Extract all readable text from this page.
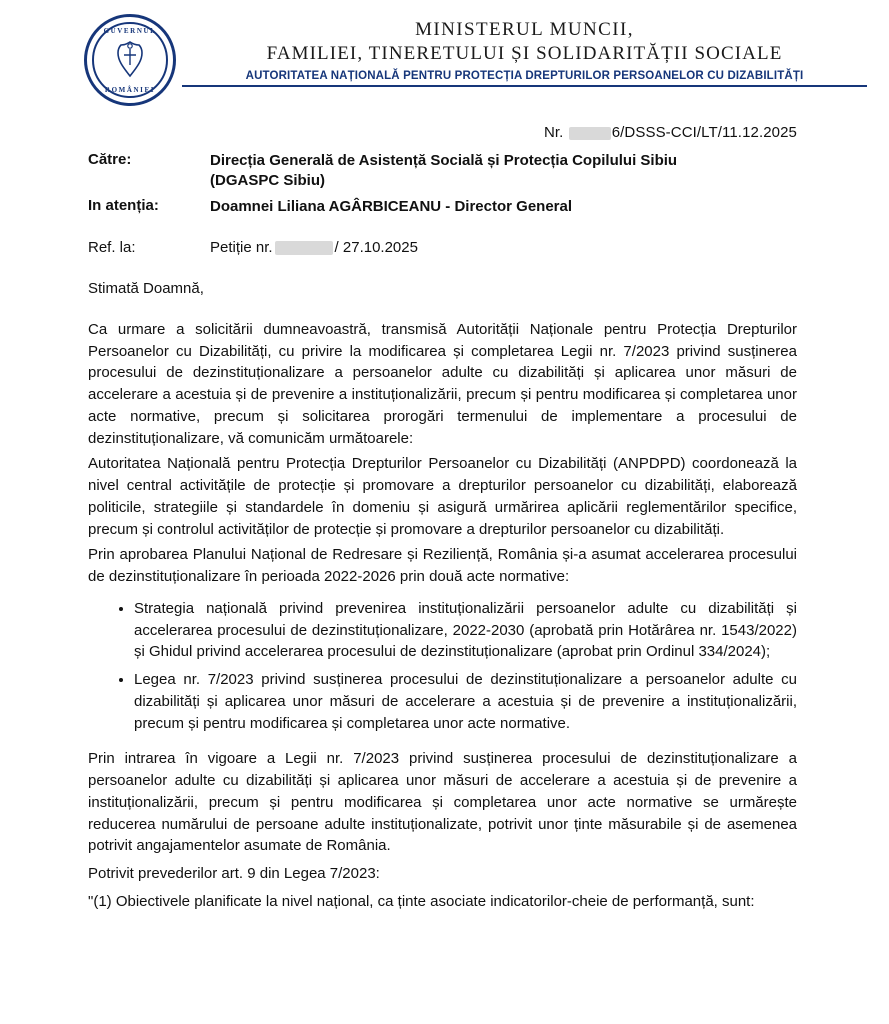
GUVERNUL
ROMÂNIEI
MINISTERUL MUNCII,
FAMILIEI, TINERETULUI ȘI SOLIDARITĂȚII SOCIALE
AUTORITATEA NAȚIONALĂ PENTRU PROTECȚIA DREPTURILOR PERSOANELOR CU DIZABILITĂȚI
Nr.	6/DSSS-CCI/LT/11.12.2025
Către:	Direcția Generală de Asistență Socială și Protecția Copilului Sibiu
(DGASPC Sibiu)
In atenția:	Doamnei Liliana AGÂRBICEANU - Director General
Ref. la:	Petiție nr.	/ 27.10.2025
Stimată Doamnă,

Ca urmare a solicitării dumneavoastră, transmisă Autorității Naționale pentru Protecția Drepturilor Persoanelor cu Dizabilități, cu privire la modificarea și completarea Legii nr. 7/2023 privind susținerea procesului de dezinstituționalizare a persoanelor adulte cu dizabilități și aplicarea unor măsuri de accelerare a acestuia și de prevenire a instituționalizării, precum și pentru modificarea și completarea unor acte normative, precum și solicitarea prorogări termenului de implementare a procesului de dezinstituționalizare, vă comunicăm următoarele:

Autoritatea Națională pentru Protecția Drepturilor Persoanelor cu Dizabilități (ANPDPD) coordonează la nivel central activitățile de protecție și promovare a drepturilor persoanelor cu dizabilități, elaborează politicile, strategiile și standardele în domeniu și asigură urmărirea aplicării reglementărilor specifice, precum și controlul activităților de protecție și promovare a drepturilor persoanelor cu dizabilități.

Prin aprobarea Planului Național de Redresare și Reziliență, România și-a asumat accelerarea procesului de dezinstituționalizare în perioada 2022-2026 prin două acte normative:

• Strategia națională privind prevenirea instituționalizării persoanelor adulte cu dizabilități și accelerarea procesului de dezinstituționalizare, 2022-2030 (aprobată prin Hotărârea nr. 1543/2022) și Ghidul privind accelerarea procesului de dezinstituționalizare (aprobat prin Ordinul 334/2024);
• Legea nr. 7/2023 privind susținerea procesului de dezinstituționalizare a persoanelor adulte cu dizabilități și aplicarea unor măsuri de accelerare a acestuia și de prevenire a instituționalizării, precum și pentru modificarea și completarea unor acte normative.

Prin intrarea în vigoare a Legii nr. 7/2023 privind susținerea procesului de dezinstituționalizare a persoanelor adulte cu dizabilități și aplicarea unor măsuri de accelerare a acestuia și de prevenire a instituționalizării, precum și pentru modificarea și completarea unor acte normative se urmărește reducerea numărului de persoane adulte instituționalizate, potrivit unor ținte măsurabile și de asemenea potrivit angajamentelor asumate de România.

Potrivit prevederilor art. 9 din Legea 7/2023:

"(1) Obiectivele planificate la nivel național, ca ținte asociate indicatorilor-cheie de performanță, sunt:
